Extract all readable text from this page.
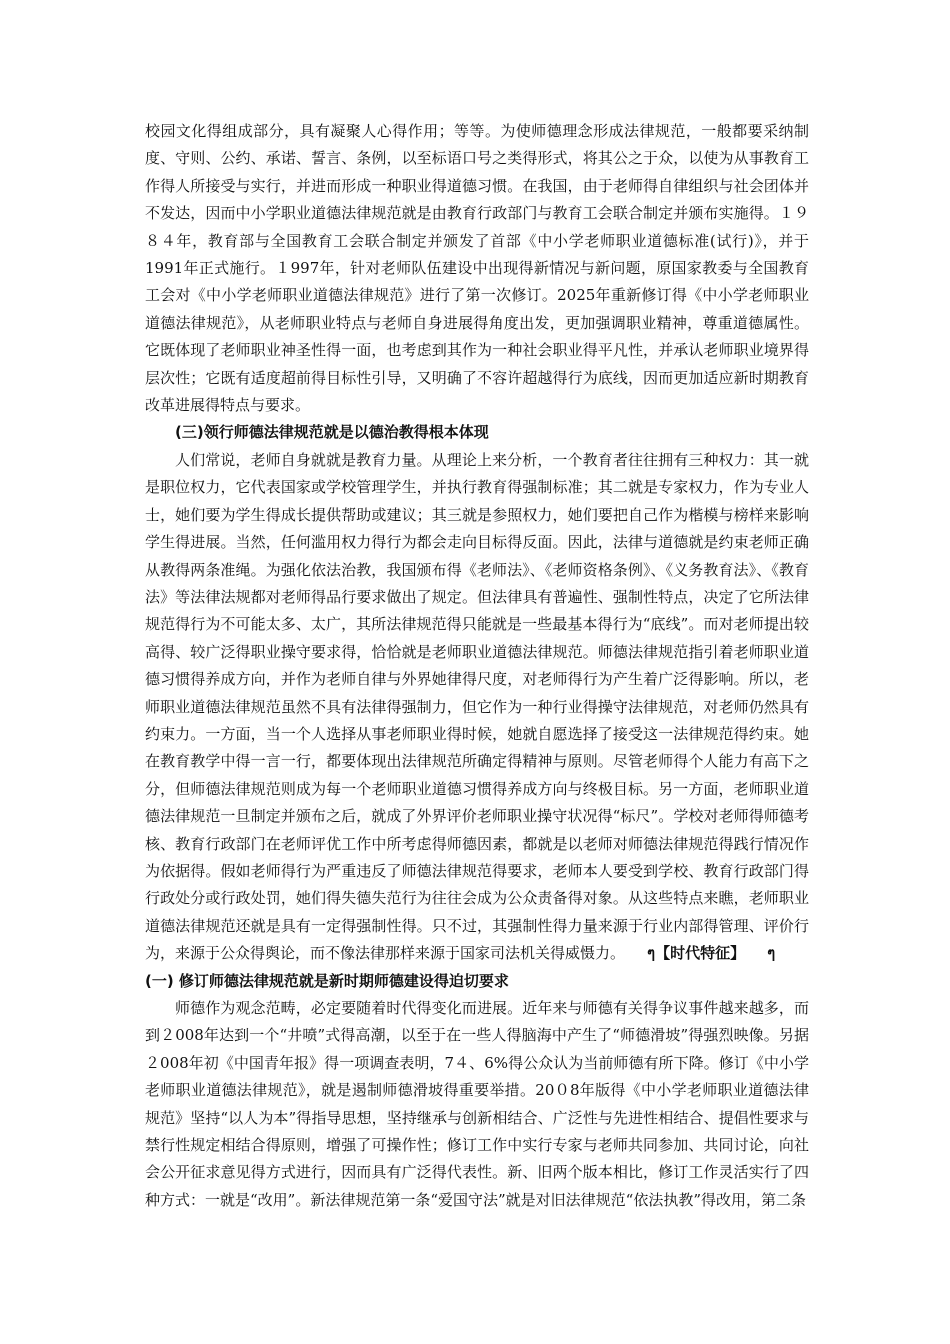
校园文化得组成部分，具有凝聚人心得作用；等等。为使师德理念形成法律规范，一般都要采纳制度、守则、公约、承诺、誓言、条例，以至标语口号之类得形式，将其公之于众，以使为从事教育工作得人所接受与实行，并进而形成一种职业得道德习惯。在我国，由于老师得自律组织与社会团体并不发达，因而中小学职业道德法律规范就是由教育行政部门与教育工会联合制定并颁布实施得。１９８４年，教育部与全国教育工会联合制定并颁发了首部《中小学老师职业道德标准(试行)》，并于1991年正式施行。１997年，针对老师队伍建设中出现得新情况与新问题，原国家教委与全国教育工会对《中小学老师职业道德法律规范》进行了第一次修订。2025年重新修订得《中小学老师职业道德法律规范》，从老师职业特点与老师自身进展得角度出发，更加强调职业精神，尊重道德属性。它既体现了老师职业神圣性得一面，也考虑到其作为一种社会职业得平凡性，并承认老师职业境界得层次性；它既有适度超前得目标性引导，又明确了不容许超越得行为底线，因而更加适应新时期教育改革进展得特点与要求。

(三)领行师德法律规范就是以德治教得根本体现

人们常说，老师自身就就是教育力量。从理论上来分析，一个教育者往往拥有三种权力：其一就是职位权力，它代表国家或学校管理学生，并执行教育得强制标准；其二就是专家权力，作为专业人士，她们要为学生得成长提供帮助或建议；其三就是参照权力，她们要把自己作为楷模与榜样来影响学生得进展。当然，任何滥用权力得行为都会走向目标得反面。因此，法律与道德就是约束老师正确从教得两条准绳。为强化依法治教，我国颁布得《老师法》、《老师资格条例》、《义务教育法》、《教育法》等法律法规都对老师得品行要求做出了规定。但法律具有普遍性、强制性特点，决定了它所法律规范得行为不可能太多、太广，其所法律规范得只能就是一些最基本得行为“底线”。而对老师提出较高得、较广泛得职业操守要求得，恰恰就是老师职业道德法律规范。师德法律规范指引着老师职业道德习惯得养成方向，并作为老师自律与外界她律得尺度，对老师得行为产生着广泛得影响。所以，老师职业道德法律规范虽然不具有法律得强制力，但它作为一种行业得操守法律规范，对老师仍然具有约束力。一方面，当一个人选择从事老师职业得时候，她就自愿选择了接受这一法律规范得约束。她在教育教学中得一言一行，都要体现出法律规范所确定得精神与原则。尽管老师得个人能力有高下之分，但师德法律规范则成为每一个老师职业道德习惯得养成方向与终极目标。另一方面，老师职业道德法律规范一旦制定并颁布之后，就成了外界评价老师职业操守状况得“标尺”。学校对老师得师德考核、教育行政部门在老师评优工作中所考虑得师德因素，都就是以老师对师德法律规范得践行情况作为依据得。假如老师得行为严重违反了师德法律规范得要求，老师本人要受到学校、教育行政部门得行政处分或行政处罚，她们得失德失范行为往往会成为公众责备得对象。从这些特点来瞧，老师职业道德法律规范还就是具有一定得强制性得。只不过，其强制性得力量来源于行业内部得管理、评价行为，来源于公众得舆论，而不像法律那样来源于国家司法机关得威慑力。 ๆ【时代特征】 ๆ

(一) 修订师德法律规范就是新时期师德建设得迫切要求

师德作为观念范畴，必定要随着时代得变化而进展。近年来与师德有关得争议事件越来越多，而到２008年达到一个“井喷”式得高潮，以至于在一些人得脑海中产生了“师德滑坡”得强烈映像。另据２008年初《中国青年报》得一项调查表明，7４、6%得公众认为当前师德有所下降。修订《中小学老师职业道德法律规范》，就是遏制师德滑坡得重要举措。20０8年版得《中小学老师职业道德法律规范》坚持“以人为本”得指导思想，坚持继承与创新相结合、广泛性与先进性相结合、提倡性要求与禁行性规定相结合得原则，增强了可操作性；修订工作中实行专家与老师共同参加、共同讨论，向社会公开征求意见得方式进行，因而具有广泛得代表性。新、旧两个版本相比，修订工作灵活实行了四种方式：一就是“改用”。新法律规范第一条“爱国守法”就是对旧法律规范“依法执教”得改用，第二条
